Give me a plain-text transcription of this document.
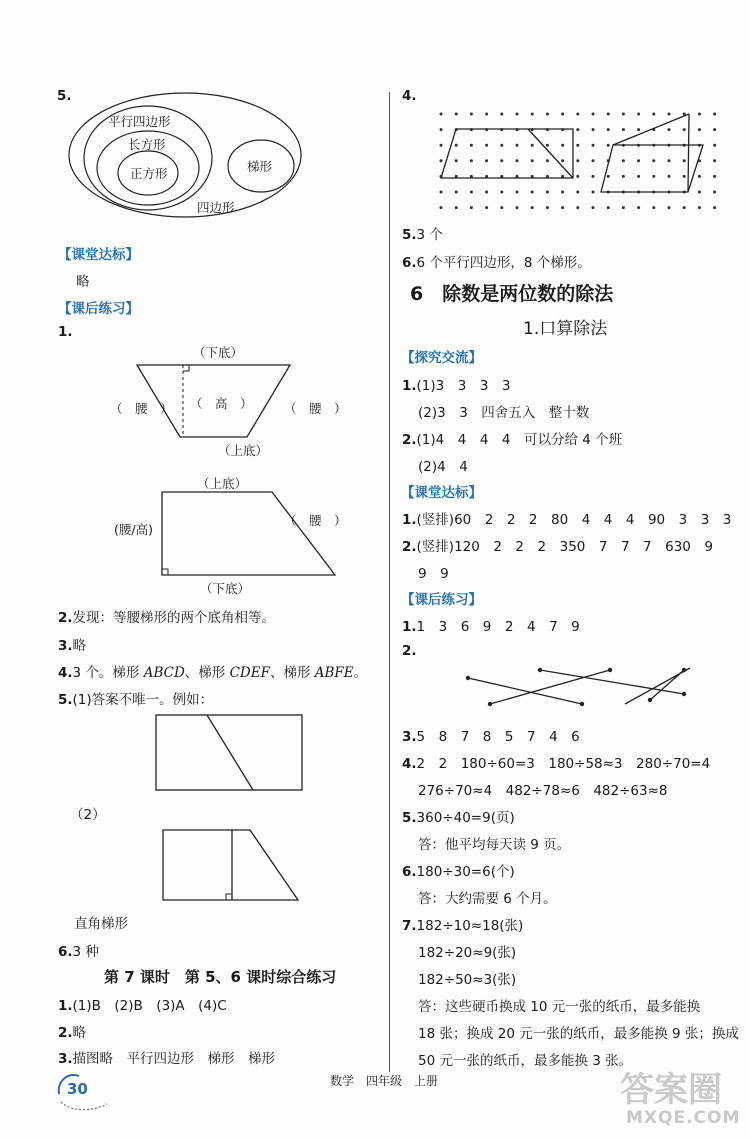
5.
平行四边形
长方形
正方形	梯形
四边形
【课堂达标】
略
【课后练习】
1.
（下底）
（　腰　） （　高　）	（　腰　）
（上底）
（上底）
(腰/高)
（　腰　）
（下底）
2.发现：等腰梯形的两个底角相等。
3.略
4.3 个。梯形 ABCD、梯形 CDEF、梯形 ABFE。
5.(1)答案不唯一。例如：
（2）
直角梯形
6.3 种
第 7 课时　第 5、6 课时综合练习
1.(1)B　(2)B　(3)A　(4)C
2.略
3.描图略　平行四边形　梯形　梯形
4.
5.3 个
6.6 个平行四边形，8 个梯形。
6　除数是两位数的除法
1.口算除法
【探究交流】
1.(1)3　3　3　3
(2)3　3　四舍五入　整十数
2.(1)4　4　4　4　可以分给 4 个班
(2)4　4
【课堂达标】
1.(竖排)60　2　2　2　80　4　4　4　90　3　3　3
2.(竖排)120　2　2　2　350　7　7　7　630　9
9　9
【课后练习】
1.1　3　6　9　2　4　7　9
2.
3.5　8　7　8　5　7　4　6
4.2　2　180÷60=3　180÷58≈3　280÷70=4
276÷70≈4　482÷78≈6　482÷63≈8
5.360÷40=9(页)
答：他平均每天读 9 页。
6.180÷30=6(个)
答：大约需要 6 个月。
7.182÷10≈18(张)
182÷20≈9(张)
182÷50≈3(张)
答：这些硬币换成 10 元一张的纸币，最多能换
18 张；换成 20 元一张的纸币，最多能换 9 张；换成
50 元一张的纸币，最多能换 3 张。
30	数学　四年级　上册	答案圈
MXQE.COM
